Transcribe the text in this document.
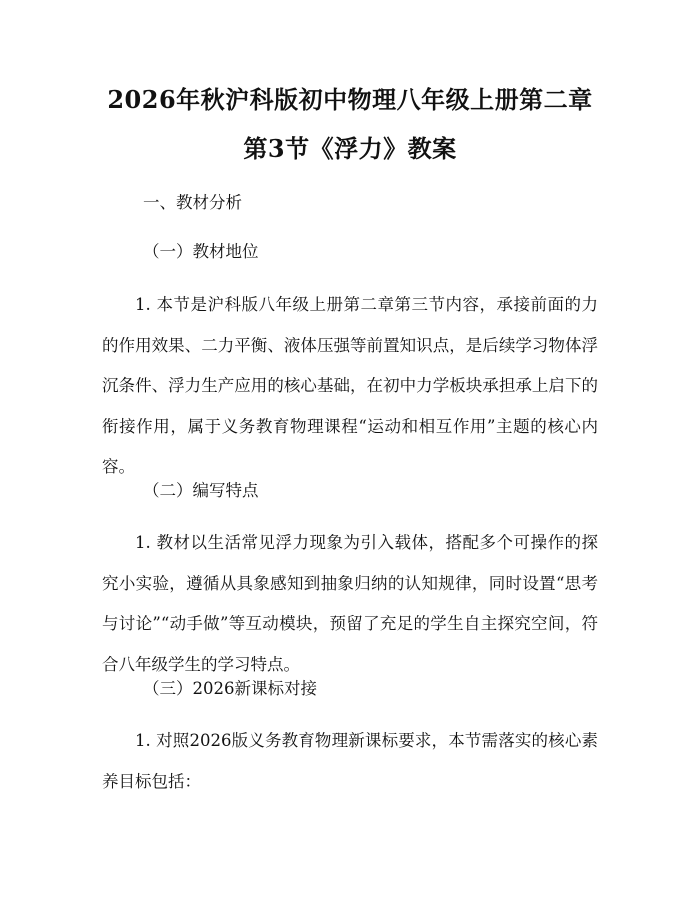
2026年秋沪科版初中物理八年级上册第二章
第3节《浮力》教案
一、教材分析
（一）教材地位
1. 本节是沪科版八年级上册第二章第三节内容，承接前面的力的作用效果、二力平衡、液体压强等前置知识点，是后续学习物体浮沉条件、浮力生产应用的核心基础，在初中力学板块承担承上启下的衔接作用，属于义务教育物理课程“运动和相互作用”主题的核心内容。
（二）编写特点
1. 教材以生活常见浮力现象为引入载体，搭配多个可操作的探究小实验，遵循从具象感知到抽象归纳的认知规律，同时设置“思考与讨论”“动手做”等互动模块，预留了充足的学生自主探究空间，符合八年级学生的学习特点。
（三）2026新课标对接
1. 对照2026版义务教育物理新课标要求，本节需落实的核心素养目标包括：
